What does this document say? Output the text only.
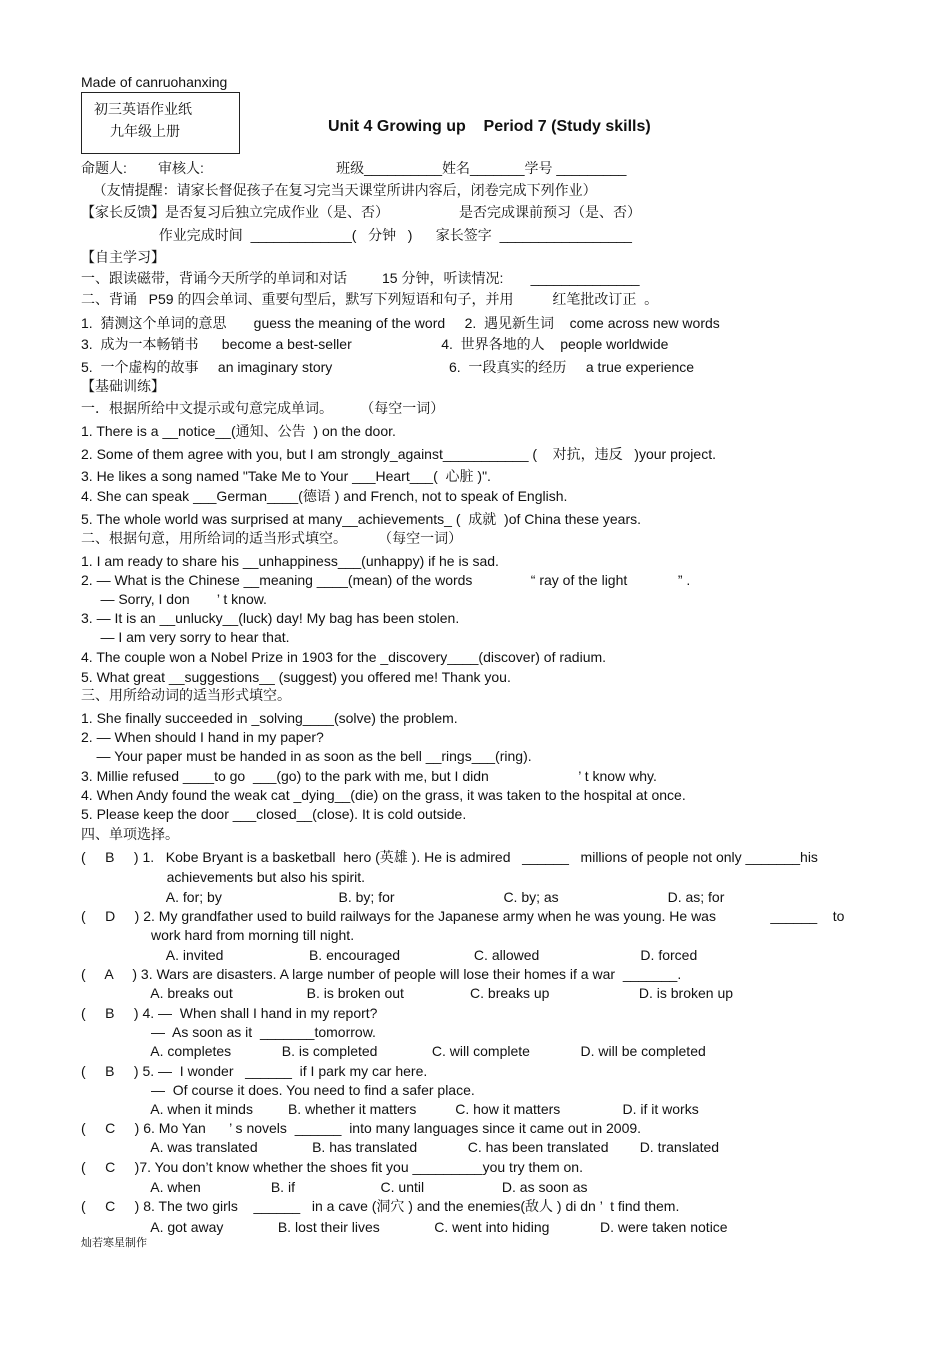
Made of canruohanxing
初三英语作业纸
九年级上册	Unit 4 Growing up    Period 7 (Study skills)
命题人:        审核人:                                  班级__________姓名_______学号 _________
（友情提醒：请家长督促孩子在复习完当天课堂所讲内容后，闭卷完成下列作业）
【家长反馈】是否复习后独立完成作业（是、否）                  是否完成课前预习（是、否）
作业完成时间  _____________(   分钟   )      家长签字  _________________
【自主学习】
一、跟读磁带，背诵今天所学的单词和对话         15 分钟，听读情况:       ______________
二、背诵   P59 的四会单词、重要句型后，默写下列短语和句子，并用          红笔批改订正  。
1.  猜测这个单词的意思       guess the meaning of the word     2.  遇见新生词    come across new words
3.  成为一本畅销书      become a best-seller                       4.  世界各地的人    people worldwide
5.  一个虚构的故事     an imaginary story                              6.  一段真实的经历     a true experience
【基础训练】
一．根据所给中文提示或句意完成单词。       （每空一词）
1. There is a __notice__(通知、公告  ) on the door.
2. Some of them agree with you, but I am strongly_against___________ (    对抗，违反   )your project.
3. He likes a song named "Take Me to Your ___Heart___(  心脏 )".
4. She can speak ___German____(德语 ) and French, not to speak of English.
5. The whole world was surprised at many__achievements_ (  成就  )of China these years.
二、根据句意，用所给词的适当形式填空。        （每空一词）
1. I am ready to share his __unhappiness___(unhappy) if he is sad.
2. — What is the Chinese __meaning ____(mean) of the words               “ ray of the light             ” .
— Sorry, I don       ’ t know.
3. — It is an __unlucky__(luck) day! My bag has been stolen.
— I am very sorry to hear that.
4. The couple won a Nobel Prize in 1903 for the _discovery____(discover) of radium.
5. What great __suggestions__ (suggest) you offered me! Thank you.
三、用所给动词的适当形式填空。
1. She finally succeeded in _solving____(solve) the problem.
2. — When should I hand in my paper?
— Your paper must be handed in as soon as the bell __rings___(ring).
3. Millie refused ____to go  ___(go) to the park with me, but I didn                       ’ t know why.
4. When Andy found the weak cat _dying__(die) on the grass, it was taken to the hospital at once.
5. Please keep the door ___closed__(close). It is cold outside.
四、单项选择。
(     B     ) 1.   Kobe Bryant is a basketball  hero (英雄 ). He is admired   ______   millions of people not only _______his
achievements but also his spirit.
A. for; by                              B. by; for                            C. by; as                            D. as; for
(     D     ) 2. My grandfather used to build railways for the Japanese army when he was young. He was              ______    to
work hard from morning till night.
A. invited                      B. encouraged                   C. allowed                          D. forced
(     A     ) 3. Wars are disasters. A large number of people will lose their homes if a war  _______.
A. breaks out                   B. is broken out                 C. breaks up                       D. is broken up
(     B     ) 4. —  When shall I hand in my report?
—  As soon as it  _______tomorrow.
A. completes             B. is completed              C. will complete             D. will be completed
(     B     ) 5. —  I wonder   ______  if I park my car here.
—  Of course it does. You need to find a safer place.
A. when it minds         B. whether it matters          C. how it matters                D. if it works
(     C     ) 6. Mo Yan      ’ s novels  ______  into many languages since it came out in 2009.
A. was translated              B. has translated             C. has been translated        D. translated
(     C     )7. You don’t know whether the shoes fit you _________you try them on.
A. when                  B. if                      C. until                    D. as soon as
(     C     ) 8. The two girls    ______   in a cave (洞穴 ) and the enemies(敌人 ) di dn ’  t find them.
A. got away              B. lost their lives              C. went into hiding             D. were taken notice
灿若寒星制作
